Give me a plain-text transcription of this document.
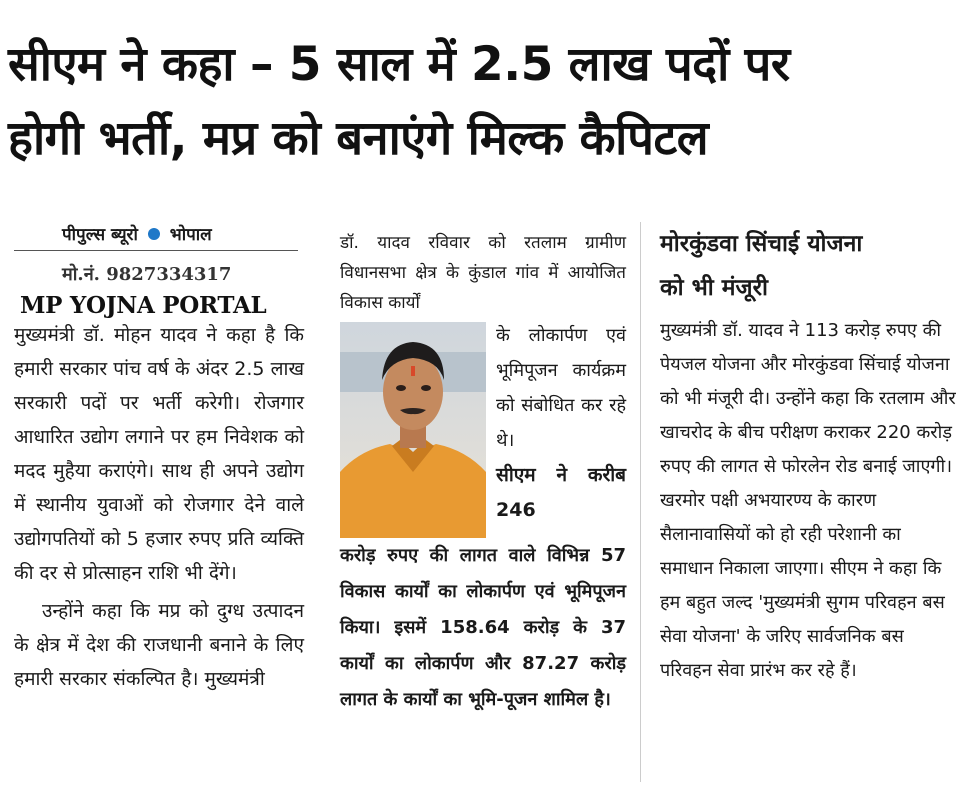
सीएम ने कहा – 5 साल में 2.5 लाख पदों पर
होगी भर्ती, मप्र को बनाएंगे मिल्क कैपिटल
पीपुल्स ब्यूरो भोपाल
मो.नं. 9827334317
MP YOJNA PORTAL

मुख्यमंत्री डॉ. मोहन यादव ने कहा है कि हमारी सरकार पांच वर्ष के अंदर 2.5 लाख सरकारी पदों पर भर्ती करेगी। रोजगार आधारित उद्योग लगाने पर हम निवेशक को मदद मुहैया कराएंगे। साथ ही अपने उद्योग में स्थानीय युवाओं को रोजगार देने वाले उद्योगपतियों को 5 हजार रुपए प्रति व्यक्ति की दर से प्रोत्साहन राशि भी देंगे।

उन्होंने कहा कि मप्र को दुग्ध उत्पादन के क्षेत्र में देश की राजधानी बनाने के लिए हमारी सरकार संकल्पित है। मुख्यमंत्री

डॉ. यादव रविवार को रतलाम ग्रामीण विधानसभा क्षेत्र के कुंडाल गांव में आयोजित विकास कार्यों
के लोकार्पण एवं भूमिपूजन कार्यक्रम को संबोधित कर रहे थे।
सीएम ने करीब 246
करोड़ रुपए की लागत वाले विभिन्न 57 विकास कार्यों का लोकार्पण एवं भूमिपूजन किया। इसमें 158.64 करोड़ के 37 कार्यों का लोकार्पण और 87.27 करोड़ लागत के कार्यों का भूमि-पूजन शामिल है।
मोरकुंडवा सिंचाई योजना
को भी मंजूरी
मुख्यमंत्री डॉ. यादव ने 113 करोड़ रुपए की पेयजल योजना और मोरकुंडवा सिंचाई योजना को भी मंजूरी दी। उन्होंने कहा कि रतलाम और खाचरोद के बीच परीक्षण कराकर 220 करोड़ रुपए की लागत से फोरलेन रोड बनाई जाएगी। खरमोर पक्षी अभयारण्य के कारण सैलानावासियों को हो रही परेशानी का समाधान निकाला जाएगा। सीएम ने कहा कि हम बहुत जल्द 'मुख्यमंत्री सुगम परिवहन बस सेवा योजना' के जरिए सार्वजनिक बस परिवहन सेवा प्रारंभ कर रहे हैं।
